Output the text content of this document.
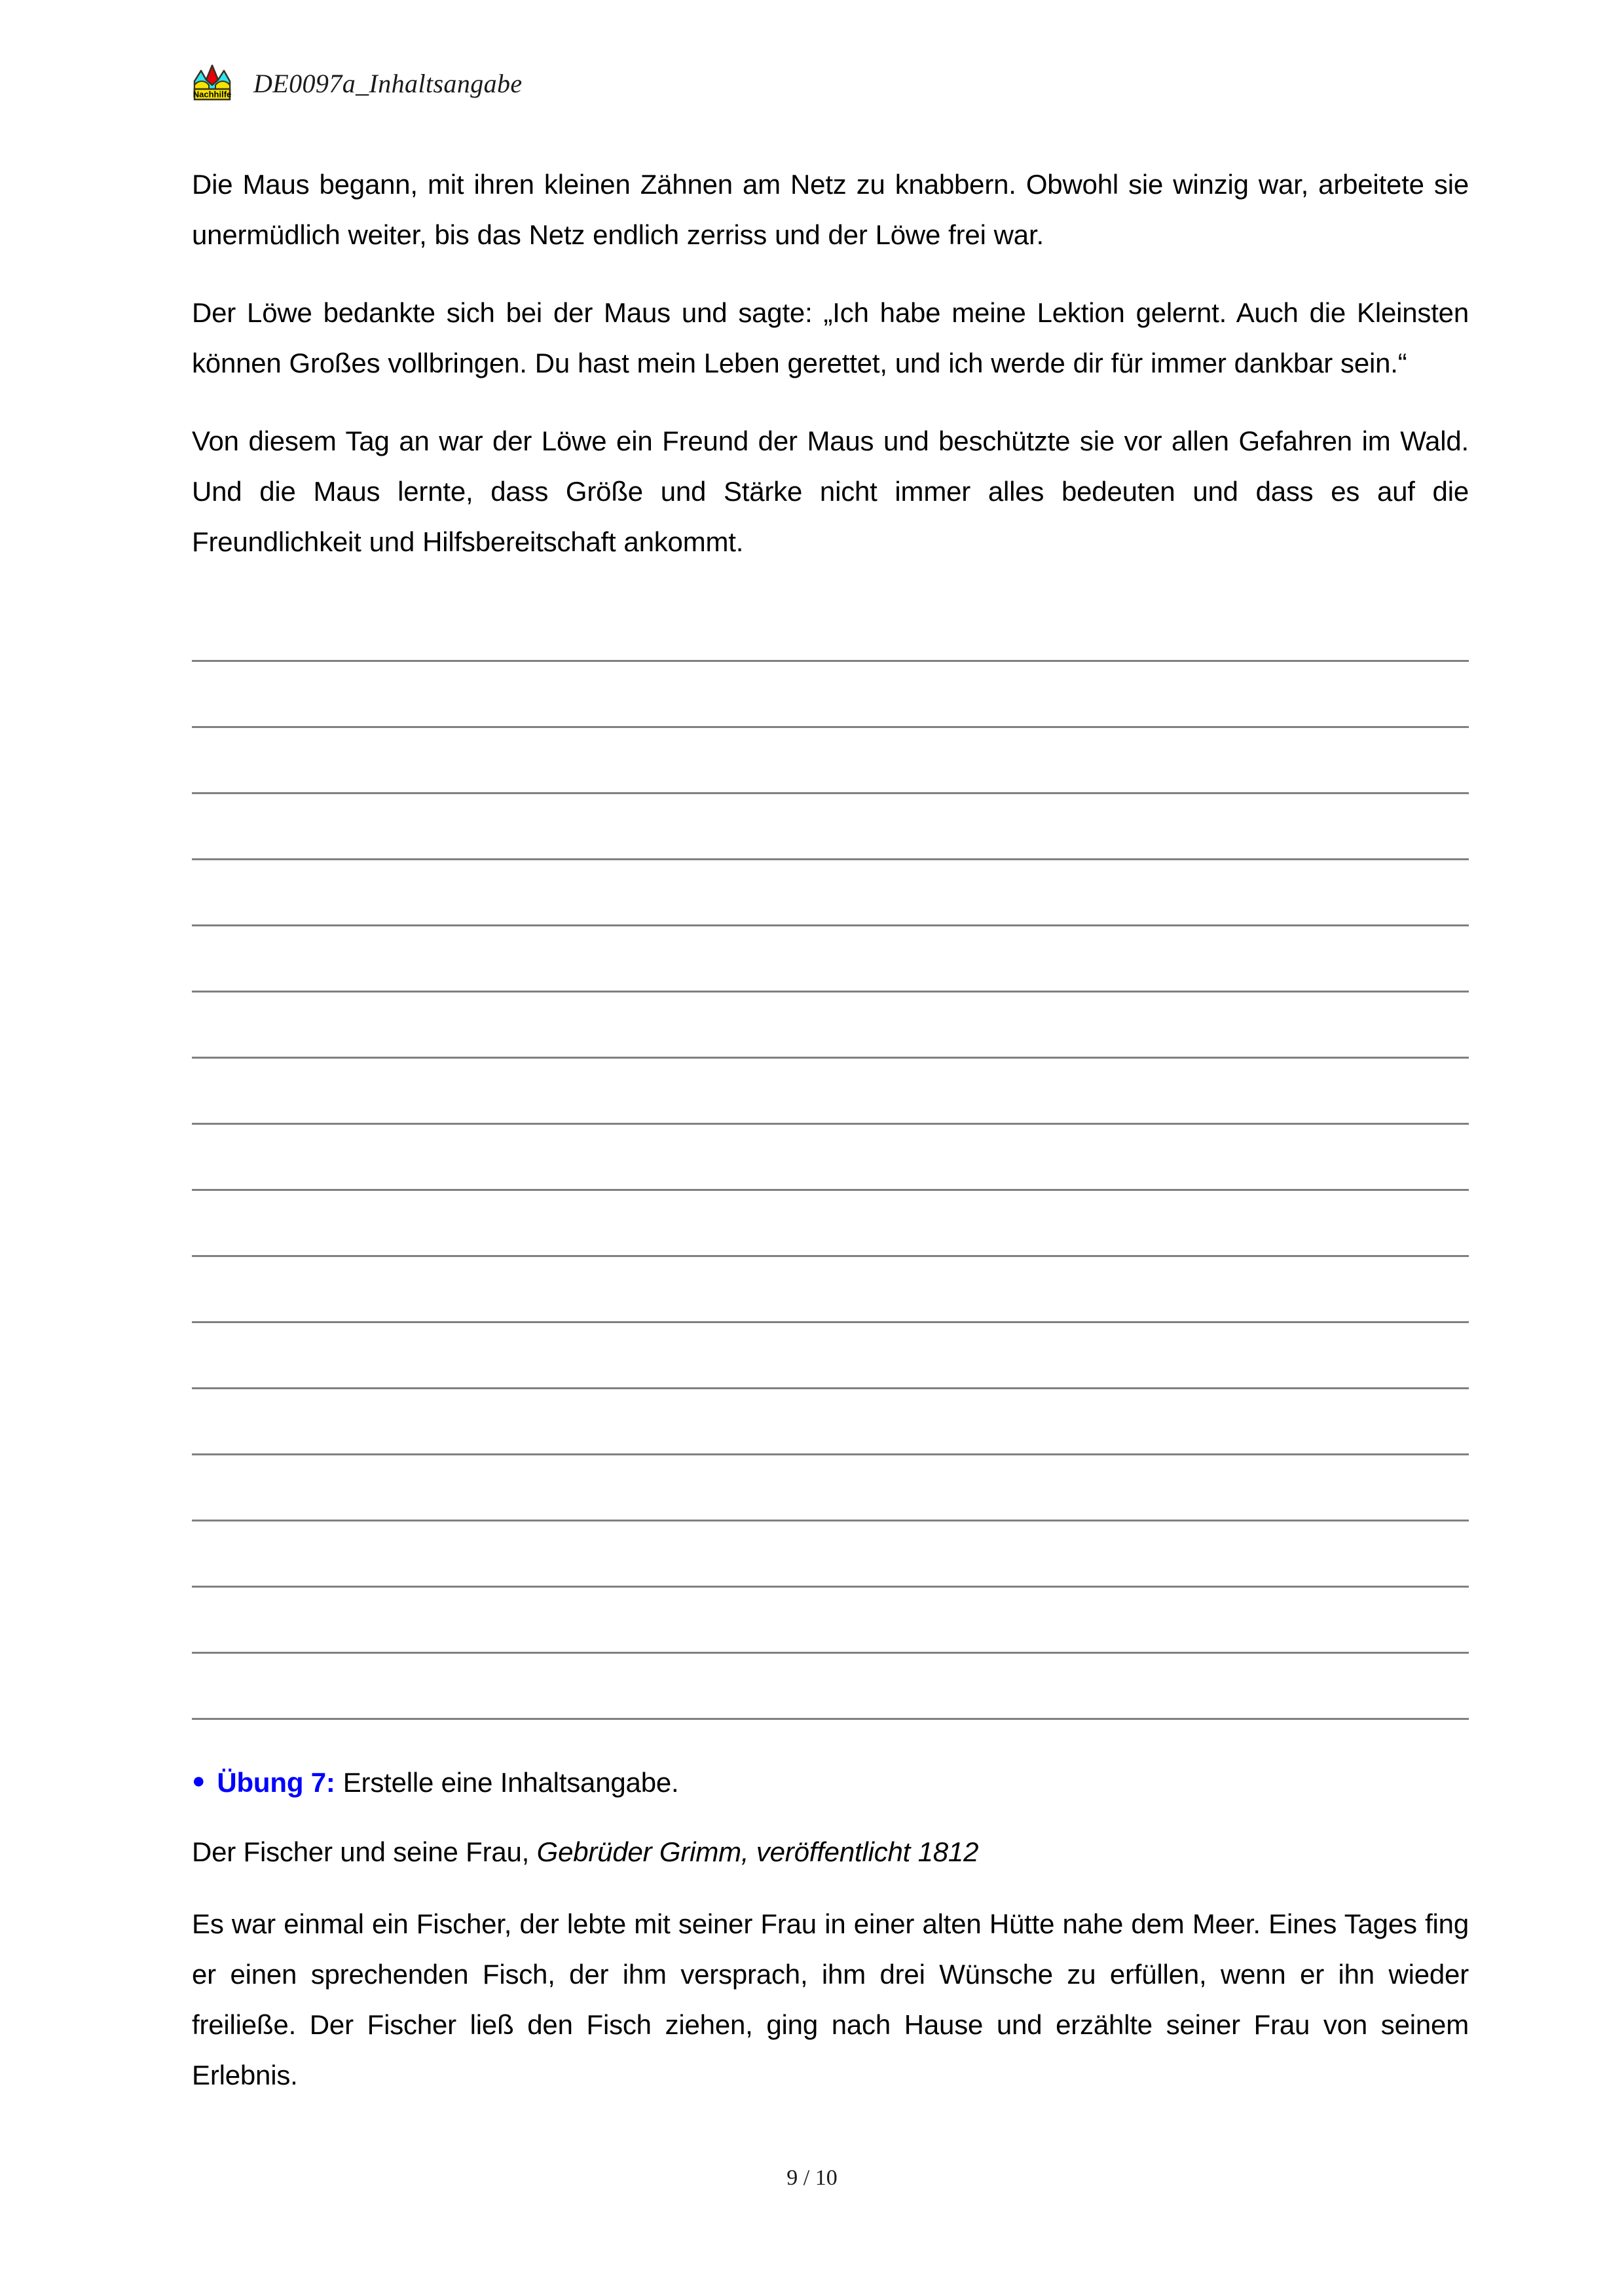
Nachhilfe DE0097a_Inhaltsangabe

Die Maus begann, mit ihren kleinen Zähnen am Netz zu knabbern. Obwohl sie winzig war, arbeitete sie unermüdlich weiter, bis das Netz endlich zerriss und der Löwe frei war.

Der Löwe bedankte sich bei der Maus und sagte: „Ich habe meine Lektion gelernt. Auch die Kleinsten können Großes vollbringen. Du hast mein Leben gerettet, und ich werde dir für immer dankbar sein.“

Von diesem Tag an war der Löwe ein Freund der Maus und beschützte sie vor allen Gefahren im Wald. Und die Maus lernte, dass Größe und Stärke nicht immer alles bedeuten und dass es auf die Freundlichkeit und Hilfsbereitschaft ankommt.

● Übung 7: Erstelle eine Inhaltsangabe.
Der Fischer und seine Frau, Gebrüder Grimm, veröffentlicht 1812

Es war einmal ein Fischer, der lebte mit seiner Frau in einer alten Hütte nahe dem Meer. Eines Tages fing er einen sprechenden Fisch, der ihm versprach, ihm drei Wünsche zu erfüllen, wenn er ihn wieder freiließe. Der Fischer ließ den Fisch ziehen, ging nach Hause und erzählte seiner Frau von seinem Erlebnis.

9 / 10
